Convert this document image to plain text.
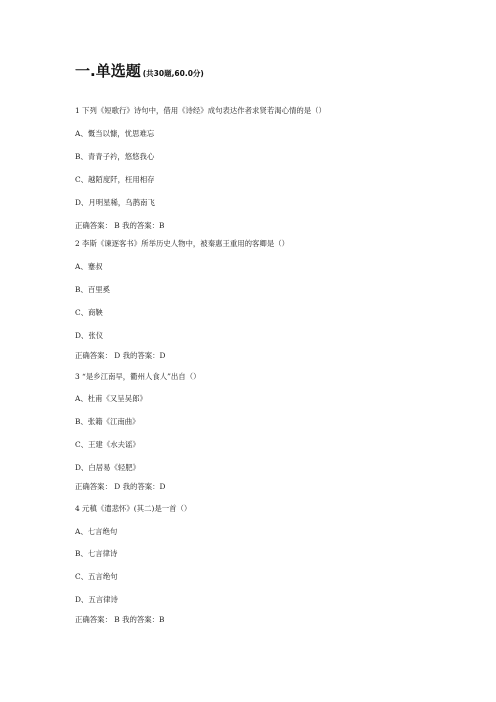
一.单选题 (共30题,60.0分)
1 下列《短歌行》诗句中，借用《诗经》成句表达作者求贤若渴心情的是（）
A、慨当以慷，忧思难忘
B、青青子衿，悠悠我心
C、越陌度阡，枉用相存
D、月明星稀，乌鹊南飞
正确答案： B 我的答案：B
2 李斯《谏逐客书》所举历史人物中，被秦惠王重用的客卿是（）
A、蹇叔
B、百里奚
C、商鞅
D、张仪
正确答案： D 我的答案：D
3 “是乡江南早，衢州人食人”出自（）
A、杜甫《又呈吴郎》
B、张籍《江南曲》
C、王建《水夫谣》
D、白居易《轻肥》
正确答案： D 我的答案：D
4 元稹《遣悲怀》(其二)是一首（）
A、七言绝句
B、七言律诗
C、五言绝句
D、五言律诗
正确答案： B 我的答案：B
